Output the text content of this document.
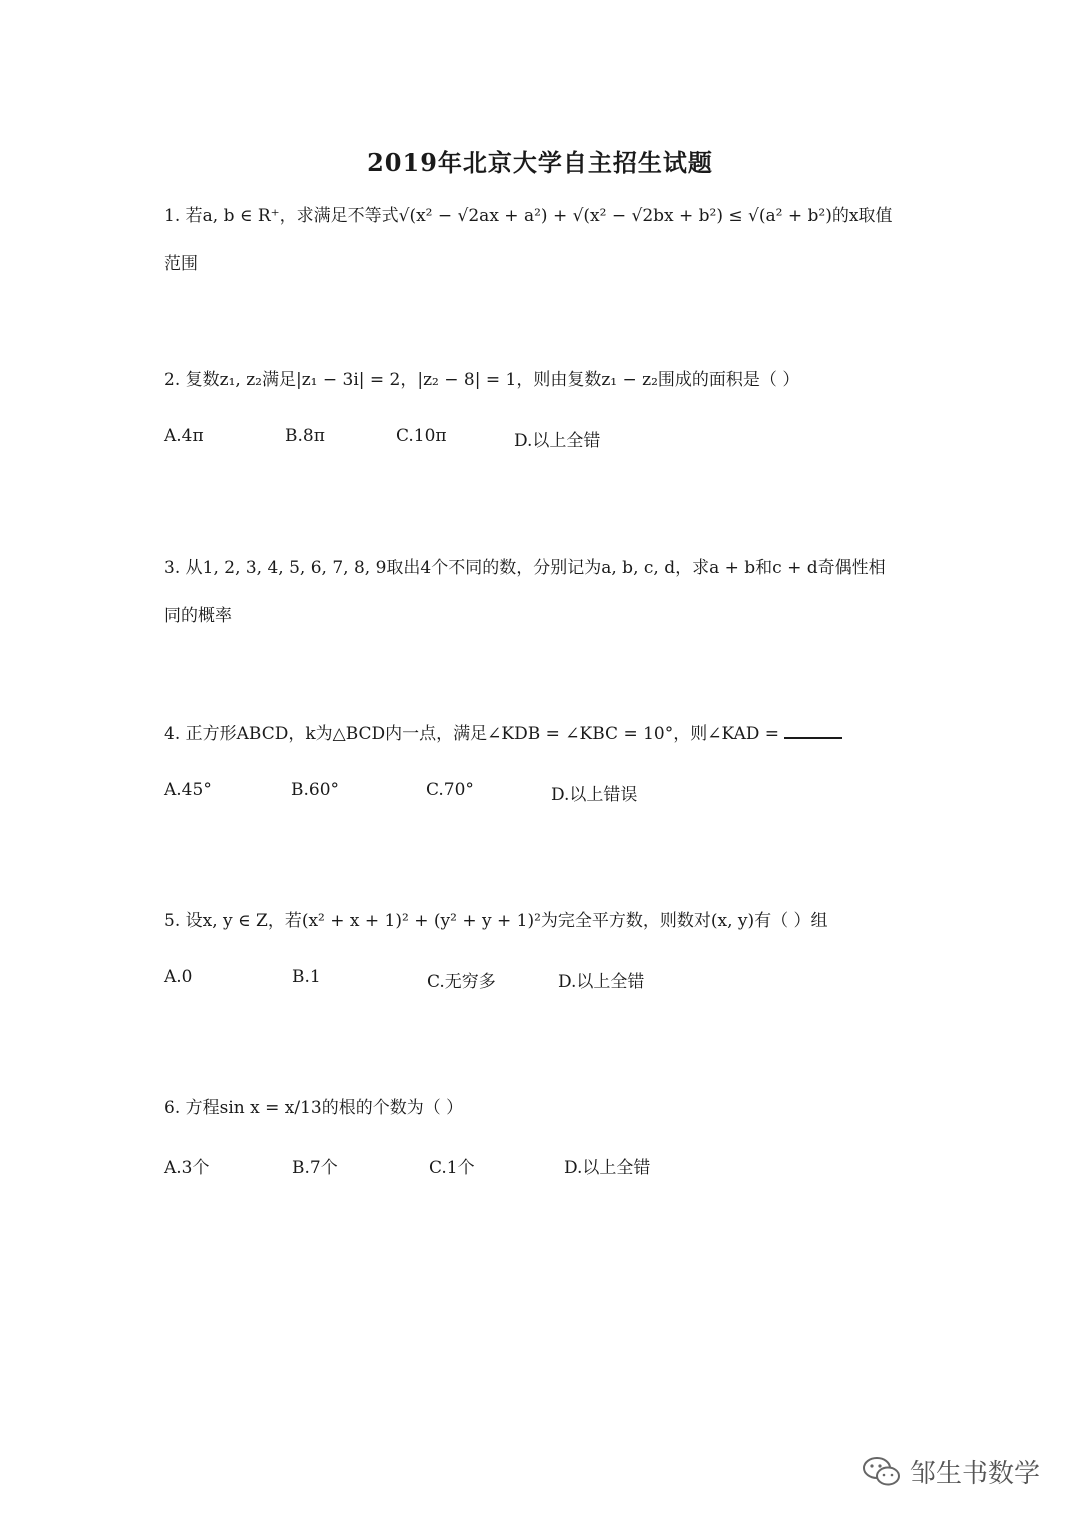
2019年北京大学自主招生试题
1. 若a, b ∈ R⁺，求满足不等式√(x² − √2ax + a²) + √(x² − √2bx + b²) ≤ √(a² + b²)的x取值
范围
2. 复数z₁, z₂满足|z₁ − 3i| = 2，|z₂ − 8| = 1，则由复数z₁ − z₂围成的面积是（ ）
A.4π	B.8π	C.10π	D.以上全错
3. 从1, 2, 3, 4, 5, 6, 7, 8, 9取出4个不同的数，分别记为a, b, c, d，求a + b和c + d奇偶性相
同的概率
4. 正方形ABCD，k为△BCD内一点，满足∠KDB = ∠KBC = 10°，则∠KAD =
A.45°	B.60°	C.70°	D.以上错误
5. 设x, y ∈ Z，若(x² + x + 1)² + (y² + y + 1)²为完全平方数，则数对(x, y)有（ ）组
A.0	B.1	C.无穷多	D.以上全错
6. 方程sin x = x/13的根的个数为（ ）
A.3个	B.7个	C.1个	D.以上全错
邹生书数学
